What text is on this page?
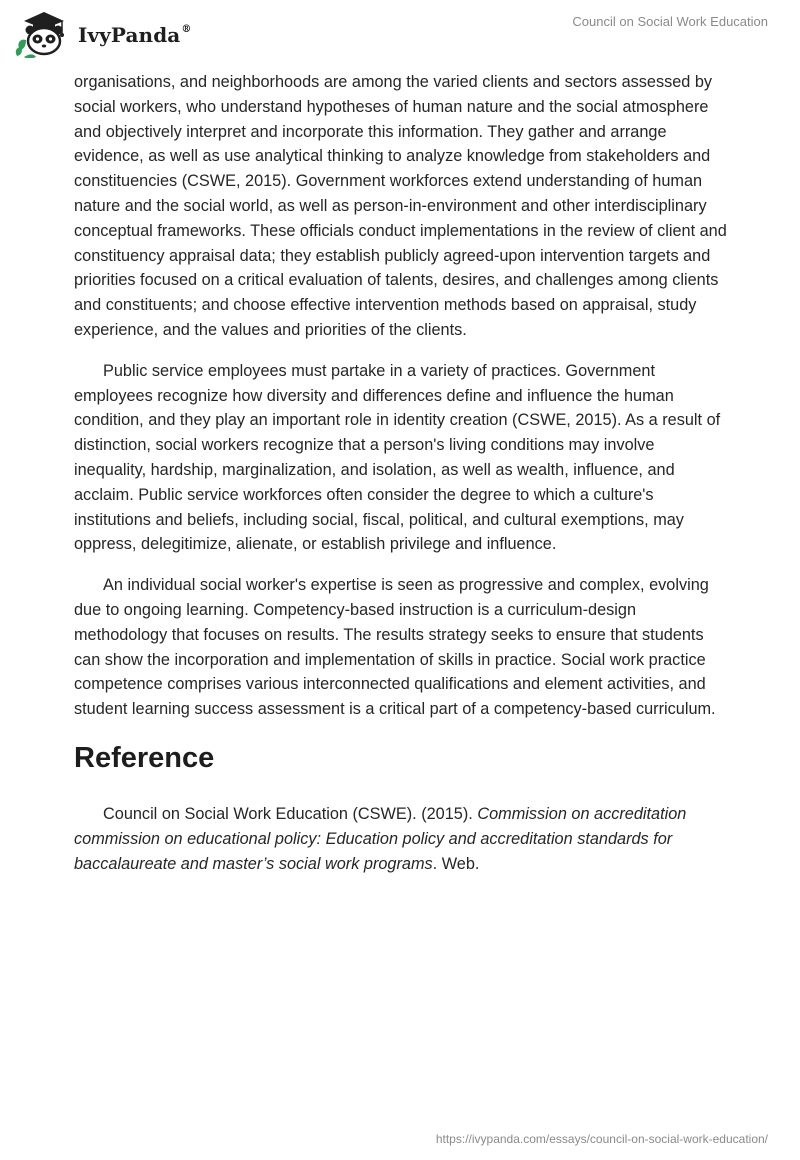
IvyPanda®
Council on Social Work Education

organisations, and neighborhoods are among the varied clients and sectors assessed by social workers, who understand hypotheses of human nature and the social atmosphere and objectively interpret and incorporate this information. They gather and arrange evidence, as well as use analytical thinking to analyze knowledge from stakeholders and constituencies (CSWE, 2015). Government workforces extend understanding of human nature and the social world, as well as person-in-environment and other interdisciplinary conceptual frameworks. These officials conduct implementations in the review of client and constituency appraisal data; they establish publicly agreed-upon intervention targets and priorities focused on a critical evaluation of talents, desires, and challenges among clients and constituents; and choose effective intervention methods based on appraisal, study experience, and the values and priorities of the clients.

Public service employees must partake in a variety of practices. Government employees recognize how diversity and differences define and influence the human condition, and they play an important role in identity creation (CSWE, 2015). As a result of distinction, social workers recognize that a person's living conditions may involve inequality, hardship, marginalization, and isolation, as well as wealth, influence, and acclaim. Public service workforces often consider the degree to which a culture's institutions and beliefs, including social, fiscal, political, and cultural exemptions, may oppress, delegitimize, alienate, or establish privilege and influence.

An individual social worker's expertise is seen as progressive and complex, evolving due to ongoing learning. Competency-based instruction is a curriculum-design methodology that focuses on results. The results strategy seeks to ensure that students can show the incorporation and implementation of skills in practice. Social work practice competence comprises various interconnected qualifications and element activities, and student learning success assessment is a critical part of a competency-based curriculum.

Reference

Council on Social Work Education (CSWE). (2015). Commission on accreditation commission on educational policy: Education policy and accreditation standards for baccalaureate and master’s social work programs. Web.

https://ivypanda.com/essays/council-on-social-work-education/
